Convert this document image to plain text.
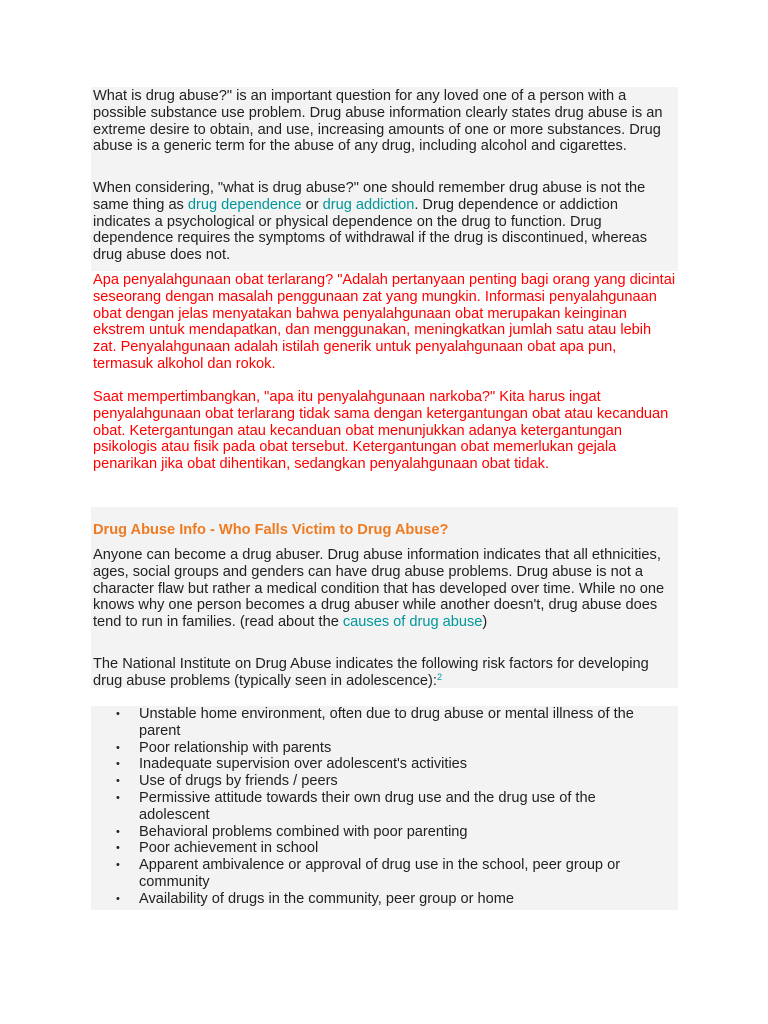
What is drug abuse?" is an important question for any loved one of a person with a possible substance use problem. Drug abuse information clearly states drug abuse is an extreme desire to obtain, and use, increasing amounts of one or more substances. Drug abuse is a generic term for the abuse of any drug, including alcohol and cigarettes.

When considering, "what is drug abuse?" one should remember drug abuse is not the same thing as drug dependence or drug addiction. Drug dependence or addiction indicates a psychological or physical dependence on the drug to function. Drug dependence requires the symptoms of withdrawal if the drug is discontinued, whereas drug abuse does not.

Apa penyalahgunaan obat terlarang? "Adalah pertanyaan penting bagi orang yang dicintai seseorang dengan masalah penggunaan zat yang mungkin. Informasi penyalahgunaan obat dengan jelas menyatakan bahwa penyalahgunaan obat merupakan keinginan ekstrem untuk mendapatkan, dan menggunakan, meningkatkan jumlah satu atau lebih zat. Penyalahgunaan adalah istilah generik untuk penyalahgunaan obat apa pun, termasuk alkohol dan rokok.

Saat mempertimbangkan, "apa itu penyalahgunaan narkoba?" Kita harus ingat penyalahgunaan obat terlarang tidak sama dengan ketergantungan obat atau kecanduan obat. Ketergantungan atau kecanduan obat menunjukkan adanya ketergantungan psikologis atau fisik pada obat tersebut. Ketergantungan obat memerlukan gejala penarikan jika obat dihentikan, sedangkan penyalahgunaan obat tidak.

Drug Abuse Info - Who Falls Victim to Drug Abuse?

Anyone can become a drug abuser. Drug abuse information indicates that all ethnicities, ages, social groups and genders can have drug abuse problems. Drug abuse is not a character flaw but rather a medical condition that has developed over time. While no one knows why one person becomes a drug abuser while another doesn't, drug abuse does tend to run in families. (read about the causes of drug abuse)

The National Institute on Drug Abuse indicates the following risk factors for developing drug abuse problems (typically seen in adolescence):$^2$

• Unstable home environment, often due to drug abuse or mental illness of the parent
• Poor relationship with parents
• Inadequate supervision over adolescent's activities
• Use of drugs by friends / peers
• Permissive attitude towards their own drug use and the drug use of the adolescent
• Behavioral problems combined with poor parenting
• Poor achievement in school
• Apparent ambivalence or approval of drug use in the school, peer group or community
• Availability of drugs in the community, peer group or home
